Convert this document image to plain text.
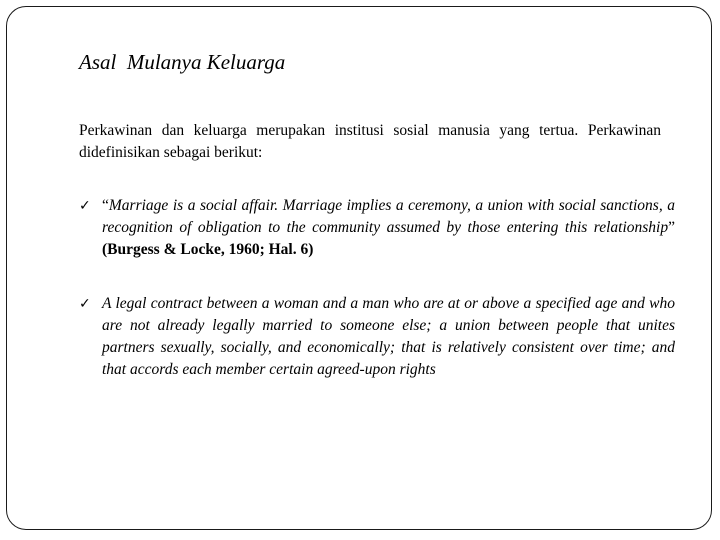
Asal  Mulanya Keluarga

Perkawinan dan keluarga merupakan institusi sosial manusia yang tertua. Perkawinan didefinisikan sebagai berikut:

✓ “Marriage is a social affair. Marriage implies a ceremony, a union with social sanctions, a recognition of obligation to the community assumed by those entering this relationship” (Burgess & Locke, 1960; Hal. 6)
✓ A legal contract between a woman and a man who are at or above a specified age and who are not already legally married to someone else; a union between people that unites partners sexually, socially, and economically; that is relatively consistent over time; and that accords each member certain agreed-upon rights
